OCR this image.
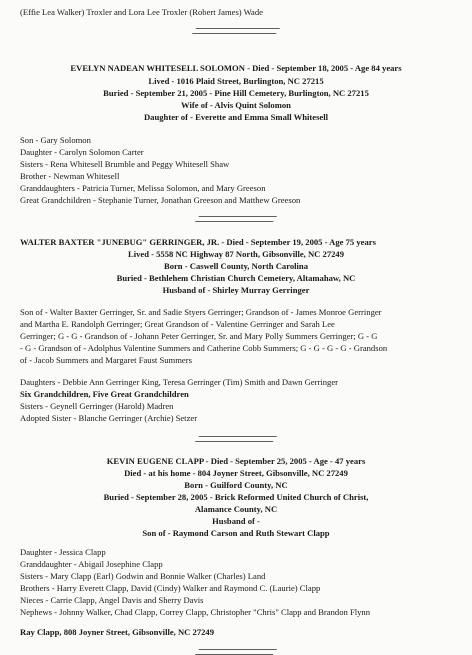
(Effie Lea Walker) Troxler and Lora Lee Troxler (Robert James) Wade
EVELYN NADEAN WHITESELL SOLOMON - Died - September 18, 2005 - Age 84 years
Lived - 1016 Plaid Street, Burlington, NC 27215
Buried - September 21, 2005 - Pine Hill Cemetery, Burlington, NC 27215
Wife of - Alvis Quint Solomon
Daughter of - Everette and Emma Small Whitesell
Son - Gary Solomon
Daughter - Carolyn Solomon Carter
Sisters - Rena Whitesell Brumble and Peggy Whitesell Shaw
Brother - Newman Whitesell
Granddaughters - Patricia Turner, Melissa Solomon, and Mary Greeson
Great Grandchildren - Stephanie Turner, Jonathan Greeson and Matthew Greeson
WALTER BAXTER "JUNEBUG" GERRINGER, JR. - Died - September 19, 2005 - Age 75 years
Lived - 5558 NC Highway 87 North, Gibsonville, NC 27249
Born - Caswell County, North Carolina
Buried - Bethlehem Christian Church Cemetery, Altamahaw, NC
Husband of - Shirley Murray Gerringer
Son of - Walter Baxter Gerringer, Sr. and Sadie Styers Gerringer; Grandson of - James Monroe Gerringer
and Martha E. Randolph Gerringer; Great Grandson of - Valentine Gerringer and Sarah Lee
Gerringer; G - G - Grandson of - Johann Peter Gerringer, Sr. and Mary Polly Summers Gerringer; G - G
- G - Grandson of - Adolphus Valentine Summers and Catherine Cobb Summers; G - G - G - G - Grandson
of - Jacob Summers and Margaret Faust Summers
Daughters - Debbie Ann Gerringer King, Teresa Gerringer (Tim) Smith and Dawn Gerringer
Six Grandchildren, Five Great Grandchildren
Sisters - Geynell Gerringer (Harold) Madren
Adopted Sister - Blanche Gerringer (Archie) Setzer
KEVIN EUGENE CLAPP - Died - September 25, 2005 - Age - 47 years
Died - at his home - 804 Joyner Street, Gibsonville, NC 27249
Born - Guilford County, NC
Buried - September 28, 2005 - Brick Reformed United Church of Christ,
Alamance County, NC
Husband of -
Son of - Raymond Carson and Ruth Stewart Clapp
Daughter - Jessica Clapp
Granddaughter - Abigail Josephine Clapp
Sisters - Mary Clapp (Earl) Godwin and Bonnie Walker (Charles) Land
Brothers - Harry Everett Clapp, David (Cindy) Walker and Raymond C. (Laurie) Clapp
Nieces - Carrie Clapp, Angel Davis and Sherry Davis
Nephews - Johnny Walker, Chad Clapp, Correy Clapp, Christopher "Chris" Clapp and Brandon Flynn
Ray Clapp, 808 Joyner Street, Gibsonville, NC 27249
